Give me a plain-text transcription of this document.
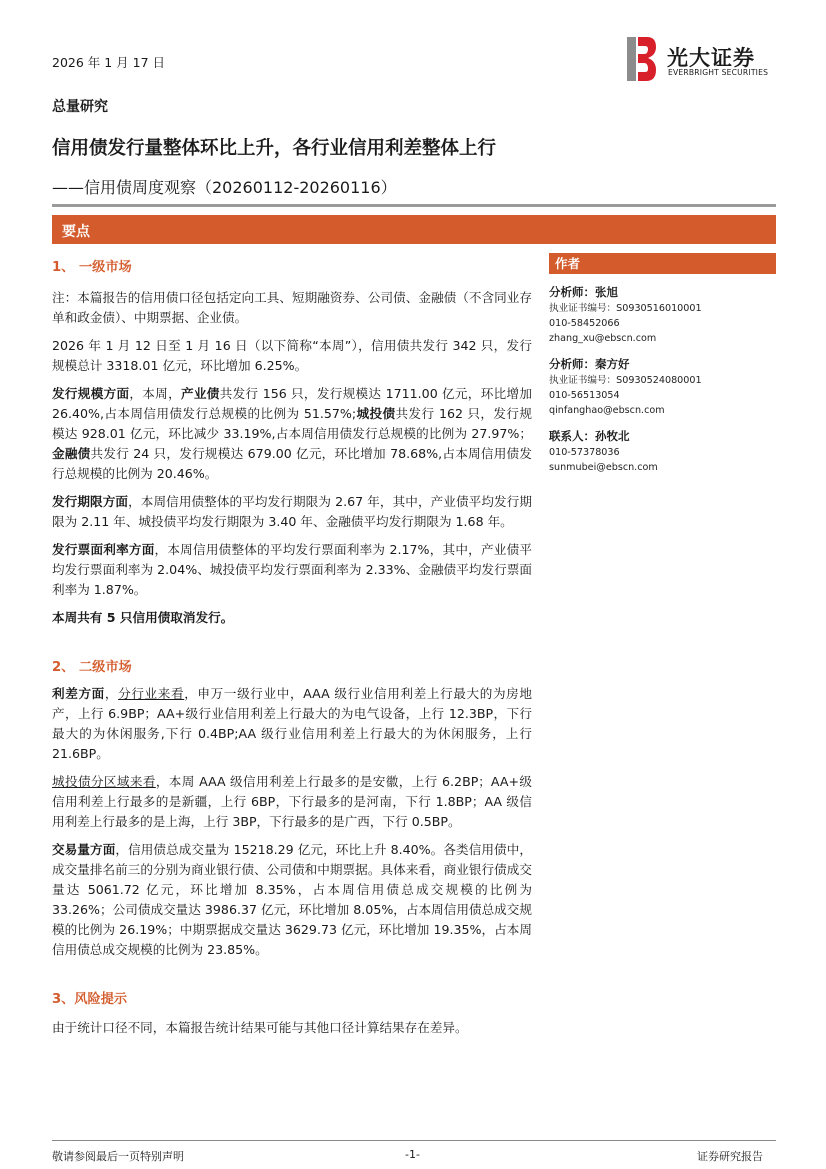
2026 年 1 月 17 日	光大证券
EVERBRIGHT SECURITIES
总量研究
信用债发行量整体环比上升，各行业信用利差整体上行
——信用债周度观察（20260112-20260116）
要点
1、 一级市场

注：本篇报告的信用债口径包括定向工具、短期融资券、公司债、金融债（不含同业存单和政金债）、中期票据、企业债。

2026 年 1 月 12 日至 1 月 16 日（以下简称“本周”），信用债共发行 342 只，发行规模总计 3318.01 亿元，环比增加 6.25%。

发行规模方面，本周，产业债共发行 156 只，发行规模达 1711.00 亿元，环比增加 26.40%,占本周信用债发行总规模的比例为 51.57%;城投债共发行 162 只，发行规模达 928.01 亿元，环比减少 33.19%,占本周信用债发行总规模的比例为 27.97%；金融债共发行 24 只，发行规模达 679.00 亿元，环比增加 78.68%,占本周信用债发行总规模的比例为 20.46%。

发行期限方面，本周信用债整体的平均发行期限为 2.67 年，其中，产业债平均发行期限为 2.11 年、城投债平均发行期限为 3.40 年、金融债平均发行期限为 1.68 年。

发行票面利率方面，本周信用债整体的平均发行票面利率为 2.17%，其中，产业债平均发行票面利率为 2.04%、城投债平均发行票面利率为 2.33%、金融债平均发行票面利率为 1.87%。

本周共有 5 只信用债取消发行。

2、 二级市场

利差方面，分行业来看，申万一级行业中，AAA 级行业信用利差上行最大的为房地产，上行 6.9BP；AA+级行业信用利差上行最大的为电气设备，上行 12.3BP，下行最大的为休闲服务,下行 0.4BP;AA 级行业信用利差上行最大的为休闲服务，上行 21.6BP。

城投债分区域来看，本周 AAA 级信用利差上行最多的是安徽，上行 6.2BP；AA+级信用利差上行最多的是新疆，上行 6BP，下行最多的是河南，下行 1.8BP；AA 级信用利差上行最多的是上海，上行 3BP，下行最多的是广西，下行 0.5BP。

交易量方面，信用债总成交量为 15218.29 亿元，环比上升 8.40%。各类信用债中，成交量排名前三的分别为商业银行债、公司债和中期票据。具体来看，商业银行债成交量达 5061.72 亿元，环比增加 8.35%，占本周信用债总成交规模的比例为 33.26%；公司债成交量达 3986.37 亿元，环比增加 8.05%，占本周信用债总成交规模的比例为 26.19%；中期票据成交量达 3629.73 亿元，环比增加 19.35%，占本周信用债总成交规模的比例为 23.85%。

3、风险提示

由于统计口径不同，本篇报告统计结果可能与其他口径计算结果存在差异。

作者
分析师：张旭
执业证书编号：S0930516010001
010-58452066
zhang_xu@ebscn.com
分析师：秦方好
执业证书编号：S0930524080001
010-56513054
qinfanghao@ebscn.com
联系人：孙牧北
010-57378036
sunmubei@ebscn.com
敬请参阅最后一页特别声明	-1-	证券研究报告
